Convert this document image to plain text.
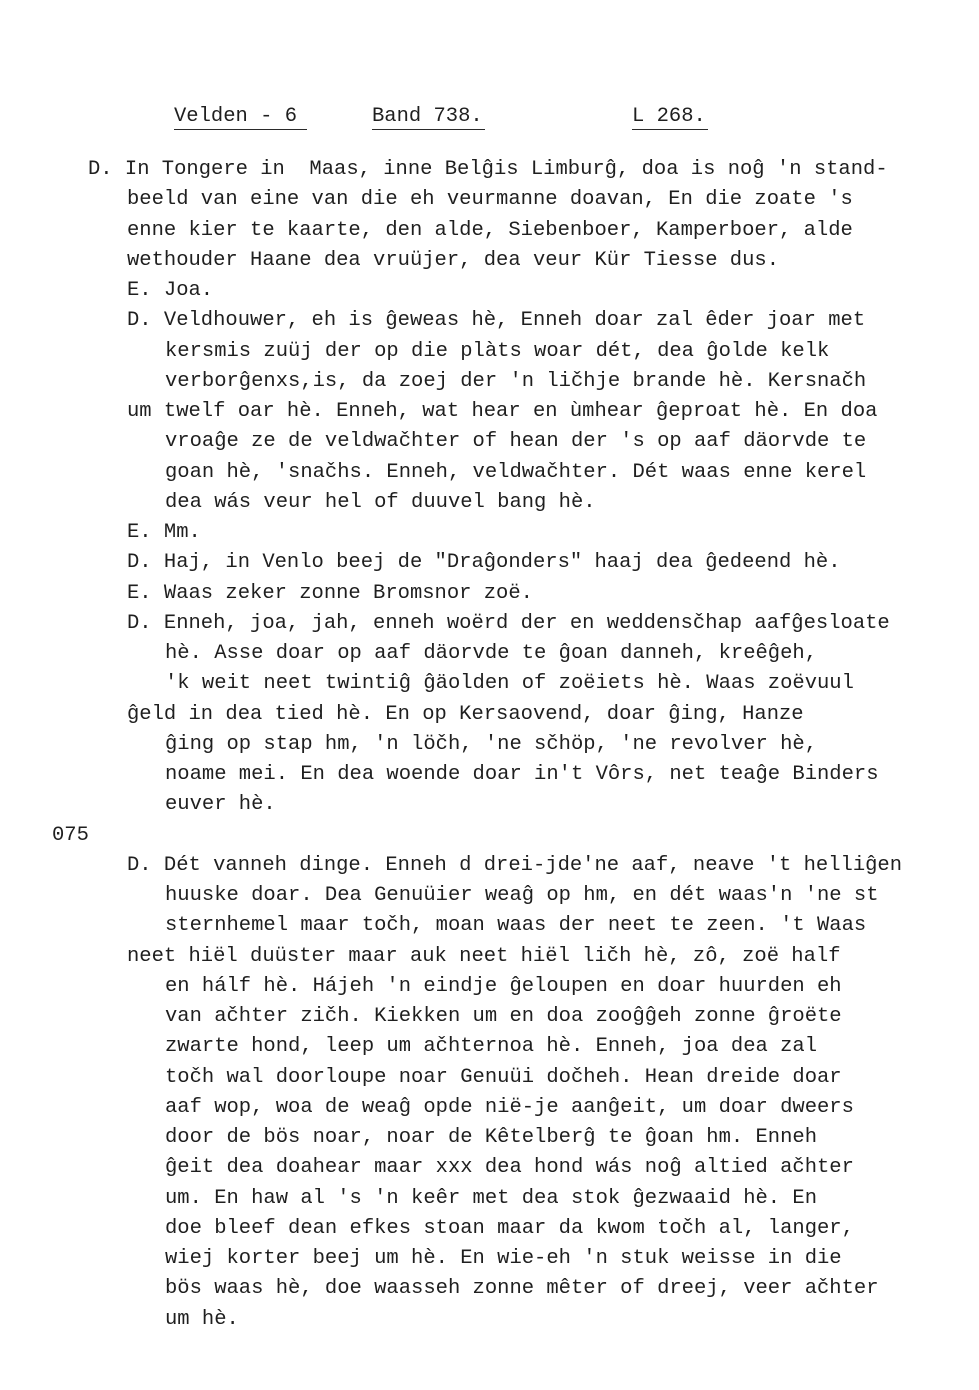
Velden - 6	Band 738.	L 268.
D. In Tongere in  Maas, inne Belĝis Limburĝ, doa is noĝ 'n stand-
beeld van eine van die eh veurmanne doavan, En die zoate 's
enne kier te kaarte, den alde, Siebenboer, Kamperboer, alde
wethouder Haane dea vruüjer, dea veur Kür Tiesse dus.
E. Joa.
D. Veldhouwer, eh is ĝeweas hè, Enneh doar zal êder joar met
kersmis zuüj der op die plàts woar dét, dea ĝolde kelk
verborĝenxs,is, da zoej der 'n ličhje brande hè. Kersnačh
um twelf oar hè. Enneh, wat hear en ùmhear ĝeproat hè. En doa
vroaĝe ze de veldwačhter of hean der 's op aaf däorvde te
goan hè, 'snačhs. Enneh, veldwačhter. Dét waas enne kerel
dea wás veur hel of duuvel bang hè.
E. Mm.
D. Haj, in Venlo beej de "Draĝonders" haaj dea ĝedeend hè.
E. Waas zeker zonne Bromsnor zoë.
D. Enneh, joa, jah, enneh woërd der en weddensčhap aafĝesloate
hè. Asse doar op aaf däorvde te ĝoan danneh, kreêĝeh,
'k weit neet twintiĝ ĝäolden of zoëiets hè. Waas zoëvuul
ĝeld in dea tied hè. En op Kersaovend, doar ĝing, Hanze
ĝing op stap hm, 'n löčh, 'ne sčhöp, 'ne revolver hè,
noame mei. En dea woende doar in't Vôrs, net teaĝe Binders
euver hè.

075

D. Dét vanneh dinge. Enneh d drei-jde'ne aaf, neave 't helliĝen
huuske doar. Dea Genuüier weaĝ op hm, en dét waas'n 'ne st
sternhemel maar točh, moan waas der neet te zeen. 't Waas
neet hiël duüster maar auk neet hiël ličh hè, zô, zoë half
en hálf hè. Hájeh 'n eindje ĝeloupen en doar huurden eh
van ačhter zičh. Kiekken um en doa zooĝĝeh zonne ĝroëte
zwarte hond, leep um ačhternoa hè. Enneh, joa dea zal
točh wal doorloupe noar Genuüi dočheh. Hean dreide doar
aaf wop, woa de weaĝ opde nië-je aanĝeit, um doar dweers
door de bös noar, noar de Kêtelberĝ te ĝoan hm. Enneh
ĝeit dea doahear maar xxx dea hond wás noĝ altied ačhter
um. En haw al 's 'n keêr met dea stok ĝezwaaid hè. En
doe bleef dean efkes stoan maar da kwom točh al, langer,
wiej korter beej um hè. En wie-eh 'n stuk weisse in die
bös waas hè, doe waasseh zonne mêter of dreej, veer ačhter
um hè.
